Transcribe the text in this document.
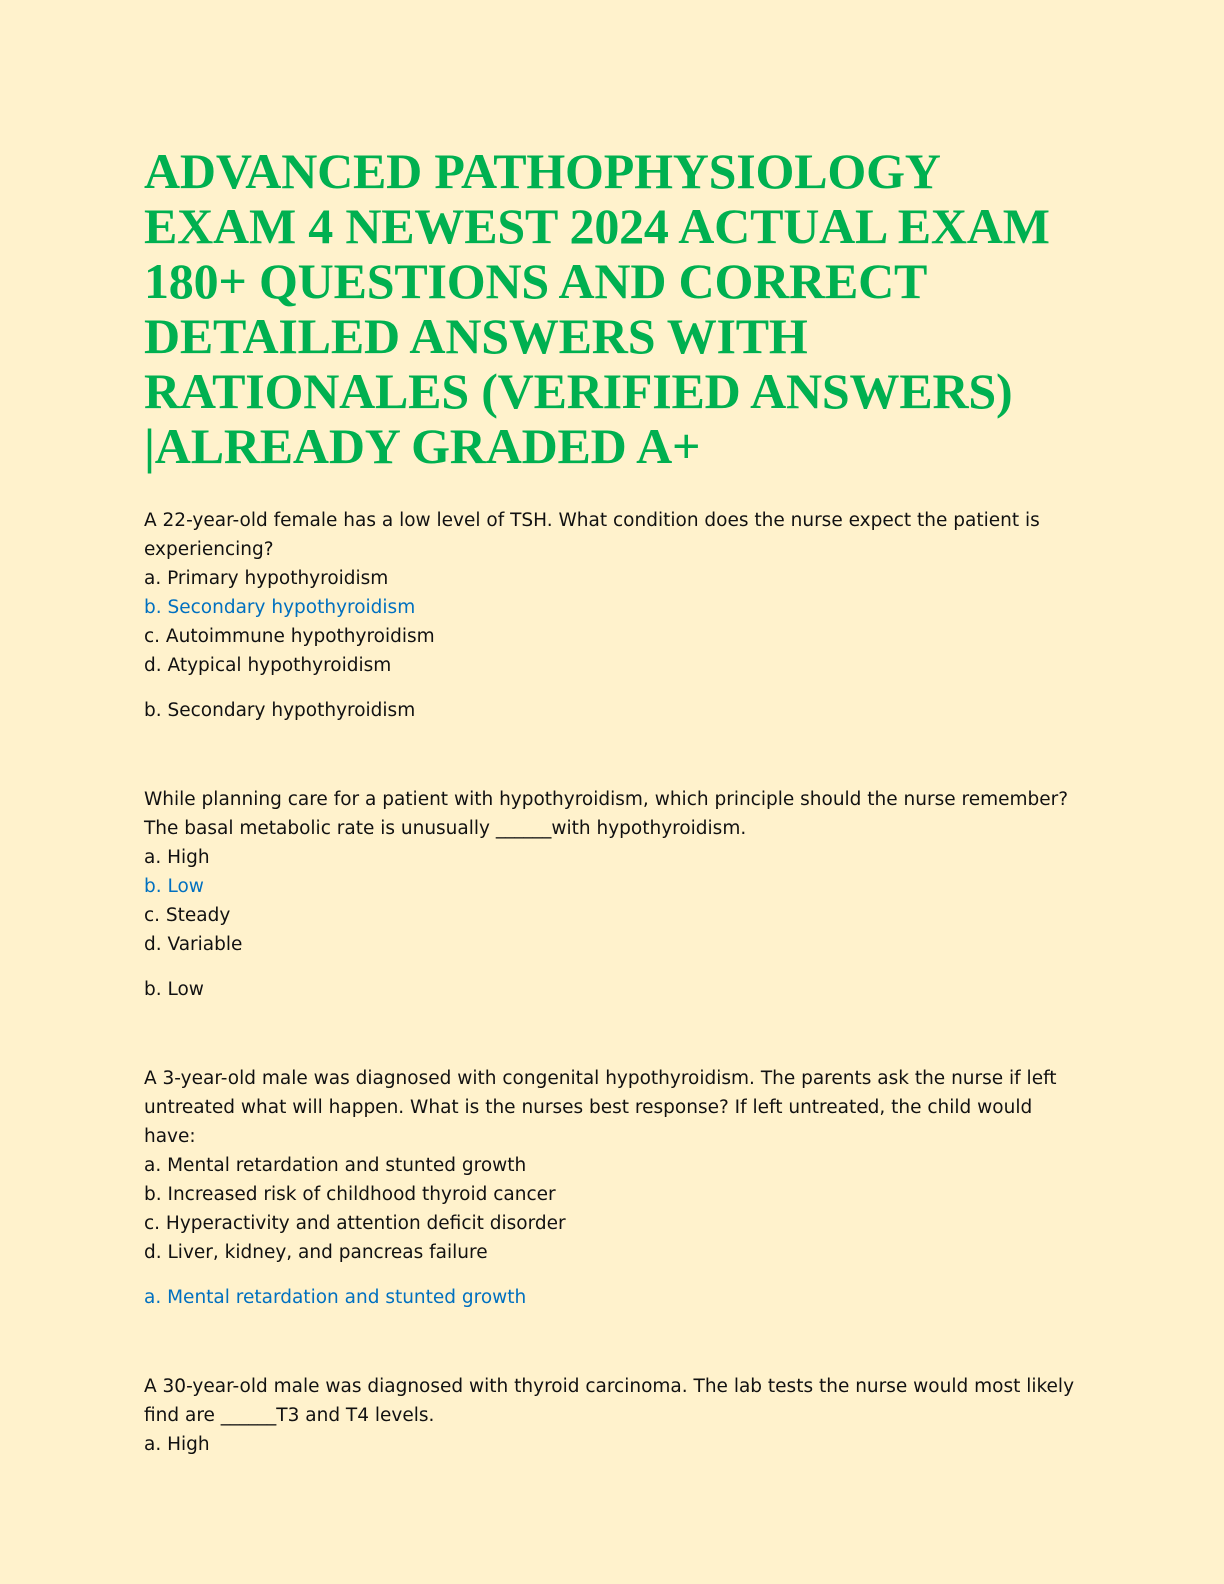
ADVANCED PATHOPHYSIOLOGY EXAM 4 NEWEST 2024 ACTUAL EXAM 180+ QUESTIONS AND CORRECT DETAILED ANSWERS WITH RATIONALES (VERIFIED ANSWERS) |ALREADY GRADED A+

A 22-year-old female has a low level of TSH. What condition does the nurse expect the patient is experiencing?

a. Primary hypothyroidism

b. Secondary hypothyroidism

c. Autoimmune hypothyroidism

d. Atypical hypothyroidism

b. Secondary hypothyroidism

While planning care for a patient with hypothyroidism, which principle should the nurse remember? The basal metabolic rate is unusually ______with hypothyroidism.

a. High

b. Low

c. Steady

d. Variable

b. Low

A 3-year-old male was diagnosed with congenital hypothyroidism. The parents ask the nurse if left untreated what will happen. What is the nurses best response? If left untreated, the child would have:

a. Mental retardation and stunted growth

b. Increased risk of childhood thyroid cancer

c. Hyperactivity and attention deficit disorder

d. Liver, kidney, and pancreas failure

a. Mental retardation and stunted growth

A 30-year-old male was diagnosed with thyroid carcinoma. The lab tests the nurse would most likely find are ______T3 and T4 levels.

a. High
